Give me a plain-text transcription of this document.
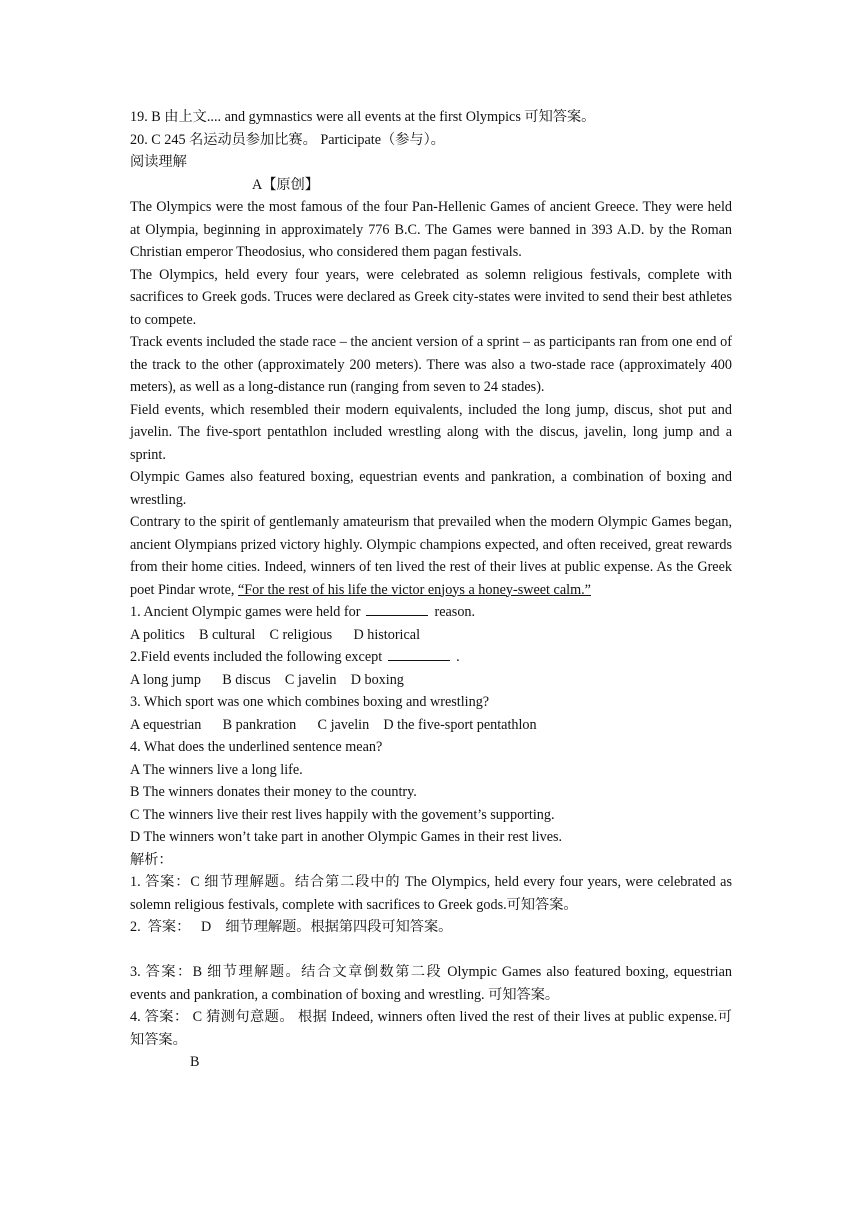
19. B 由上文.... and gymnastics were all events at the first Olympics 可知答案。

20. C 245 名运动员参加比赛。 Participate（参与）。

阅读理解

A【原创】

The Olympics were the most famous of the four Pan-Hellenic Games of ancient Greece. They were held at Olympia, beginning in approximately 776 B.C. The Games were banned in 393 A.D. by the Roman Christian emperor Theodosius, who considered them pagan festivals.

The Olympics, held every four years, were celebrated as solemn religious festivals, complete with sacrifices to Greek gods. Truces were declared as Greek city-states were invited to send their best athletes to compete.

Track events included the stade race – the ancient version of a sprint – as participants ran from one end of the track to the other (approximately 200 meters). There was also a two-stade race (approximately 400 meters), as well as a long-distance run (ranging from seven to 24 stades).

Field events, which resembled their modern equivalents, included the long jump, discus, shot put and javelin. The five-sport pentathlon included wrestling along with the discus, javelin, long jump and a sprint.

Olympic Games also featured boxing, equestrian events and pankration, a combination of boxing and wrestling.

Contrary to the spirit of gentlemanly amateurism that prevailed when the modern Olympic Games began, ancient Olympians prized victory highly. Olympic champions expected, and often received, great rewards from their home cities. Indeed, winners of ten lived the rest of their lives at public expense. As the Greek poet Pindar wrote, “For the rest of his life the victor enjoys a honey-sweet calm.”

1. Ancient Olympic games were held for	reason.

A politics    B cultural    C religious      D historical

2.Field events included the following except	.

A long jump      B discus    C javelin    D boxing

3. Which sport was one which combines boxing and wrestling?

A equestrian      B pankration      C javelin    D the five-sport pentathlon

4. What does the underlined sentence mean?

A The winners live a long life.

B The winners donates their money to the country.

C The winners live their rest lives happily with the govement’s supporting.

D The winners won’t take part in another Olympic Games in their rest lives.

解析：

1. 答案：C 细节理解题。结合第二段中的 The Olympics, held every four years, were celebrated as solemn religious festivals, complete with sacrifices to Greek gods.可知答案。

2.  答案：   D    细节理解题。根据第四段可知答案。

3. 答案：B 细节理解题。结合文章倒数第二段 Olympic Games also featured boxing, equestrian events and pankration, a combination of boxing and wrestling. 可知答案。

4. 答案： C 猜测句意题。 根据 Indeed, winners often lived the rest of their lives at public expense.可知答案。

B
